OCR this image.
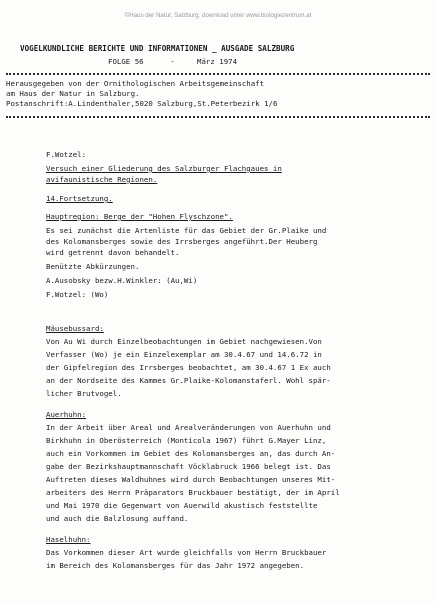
©Haus der Natur, Salzburg, download unter www.biologiezentrum.at
VOGELKUNDLICHE BERICHTE UND INFORMATIONEN _ AUSGADE SALZBURG
FOLGE 56      -     März 1974
Herausgegeben von der Ornithologischen Arbeitsgemeinschaft
am Haus der Natur in Salzburg.
Postanschrift:A.Lindenthaler,5020 Salzburg,St.Peterbezirk 1/6
F.Wotzel:
Versuch einer Gliederung des Salzburger Flachgaues in
avifaunistische Regionen.
14.Fortsetzung.
Hauptregion: Berge der "Hohen Flyschzone".
Es sei zunächst die Artenliste für das Gebiet der Gr.Plaike und
des Kolomansberges sowie des Irrsberges angeführt.Der Heuberg
wird getrennt davon behandelt.
Benützte Abkürzungen.
A.Ausobsky bezw.H.Winkler: (Au,Wi)
F.Wotzel: (Wo)
Mäusebussard:
Von Au Wi durch Einzelbeobachtungen im Gebiet nachgewiesen.Von
Verfasser (Wo) je ein Einzelexemplar am 30.4.67 und 14.6.72 in
der Gipfelregion des Irrsberges beobachtet, am 30.4.67 1 Ex auch
an der Nordseite des Kammes Gr.Plaike-Kolomanstaferl. Wohl spär-
licher Brutvogel.
Auerhuhn:
In der Arbeit über Areal und Arealveränderungen von Auerhuhn und
Birkhuhn in Oberösterreich (Monticola 1967) führt G.Mayer Linz,
auch ein Vorkommen im Gebiet des Kolomansberges an, das durch An-
gabe der Bezirkshauptmannschaft Vöcklabruck 1966 belegt ist. Das
Auftreten dieses Waldhuhnes wird durch Beobachtungen unseres Mit-
arbeiters des Herrn Präparators Bruckbauer bestätigt, der im April
und Mai 1970 die Gegenwart von Auerwild akustisch feststellte
und auch die Balzlosung auffand.
Haselhuhn:
Das Vorkommen dieser Art wurde gleichfalls von Herrn Bruckbauer
im Bereich des Kolomansberges für das Jahr 1972 angegeben.
